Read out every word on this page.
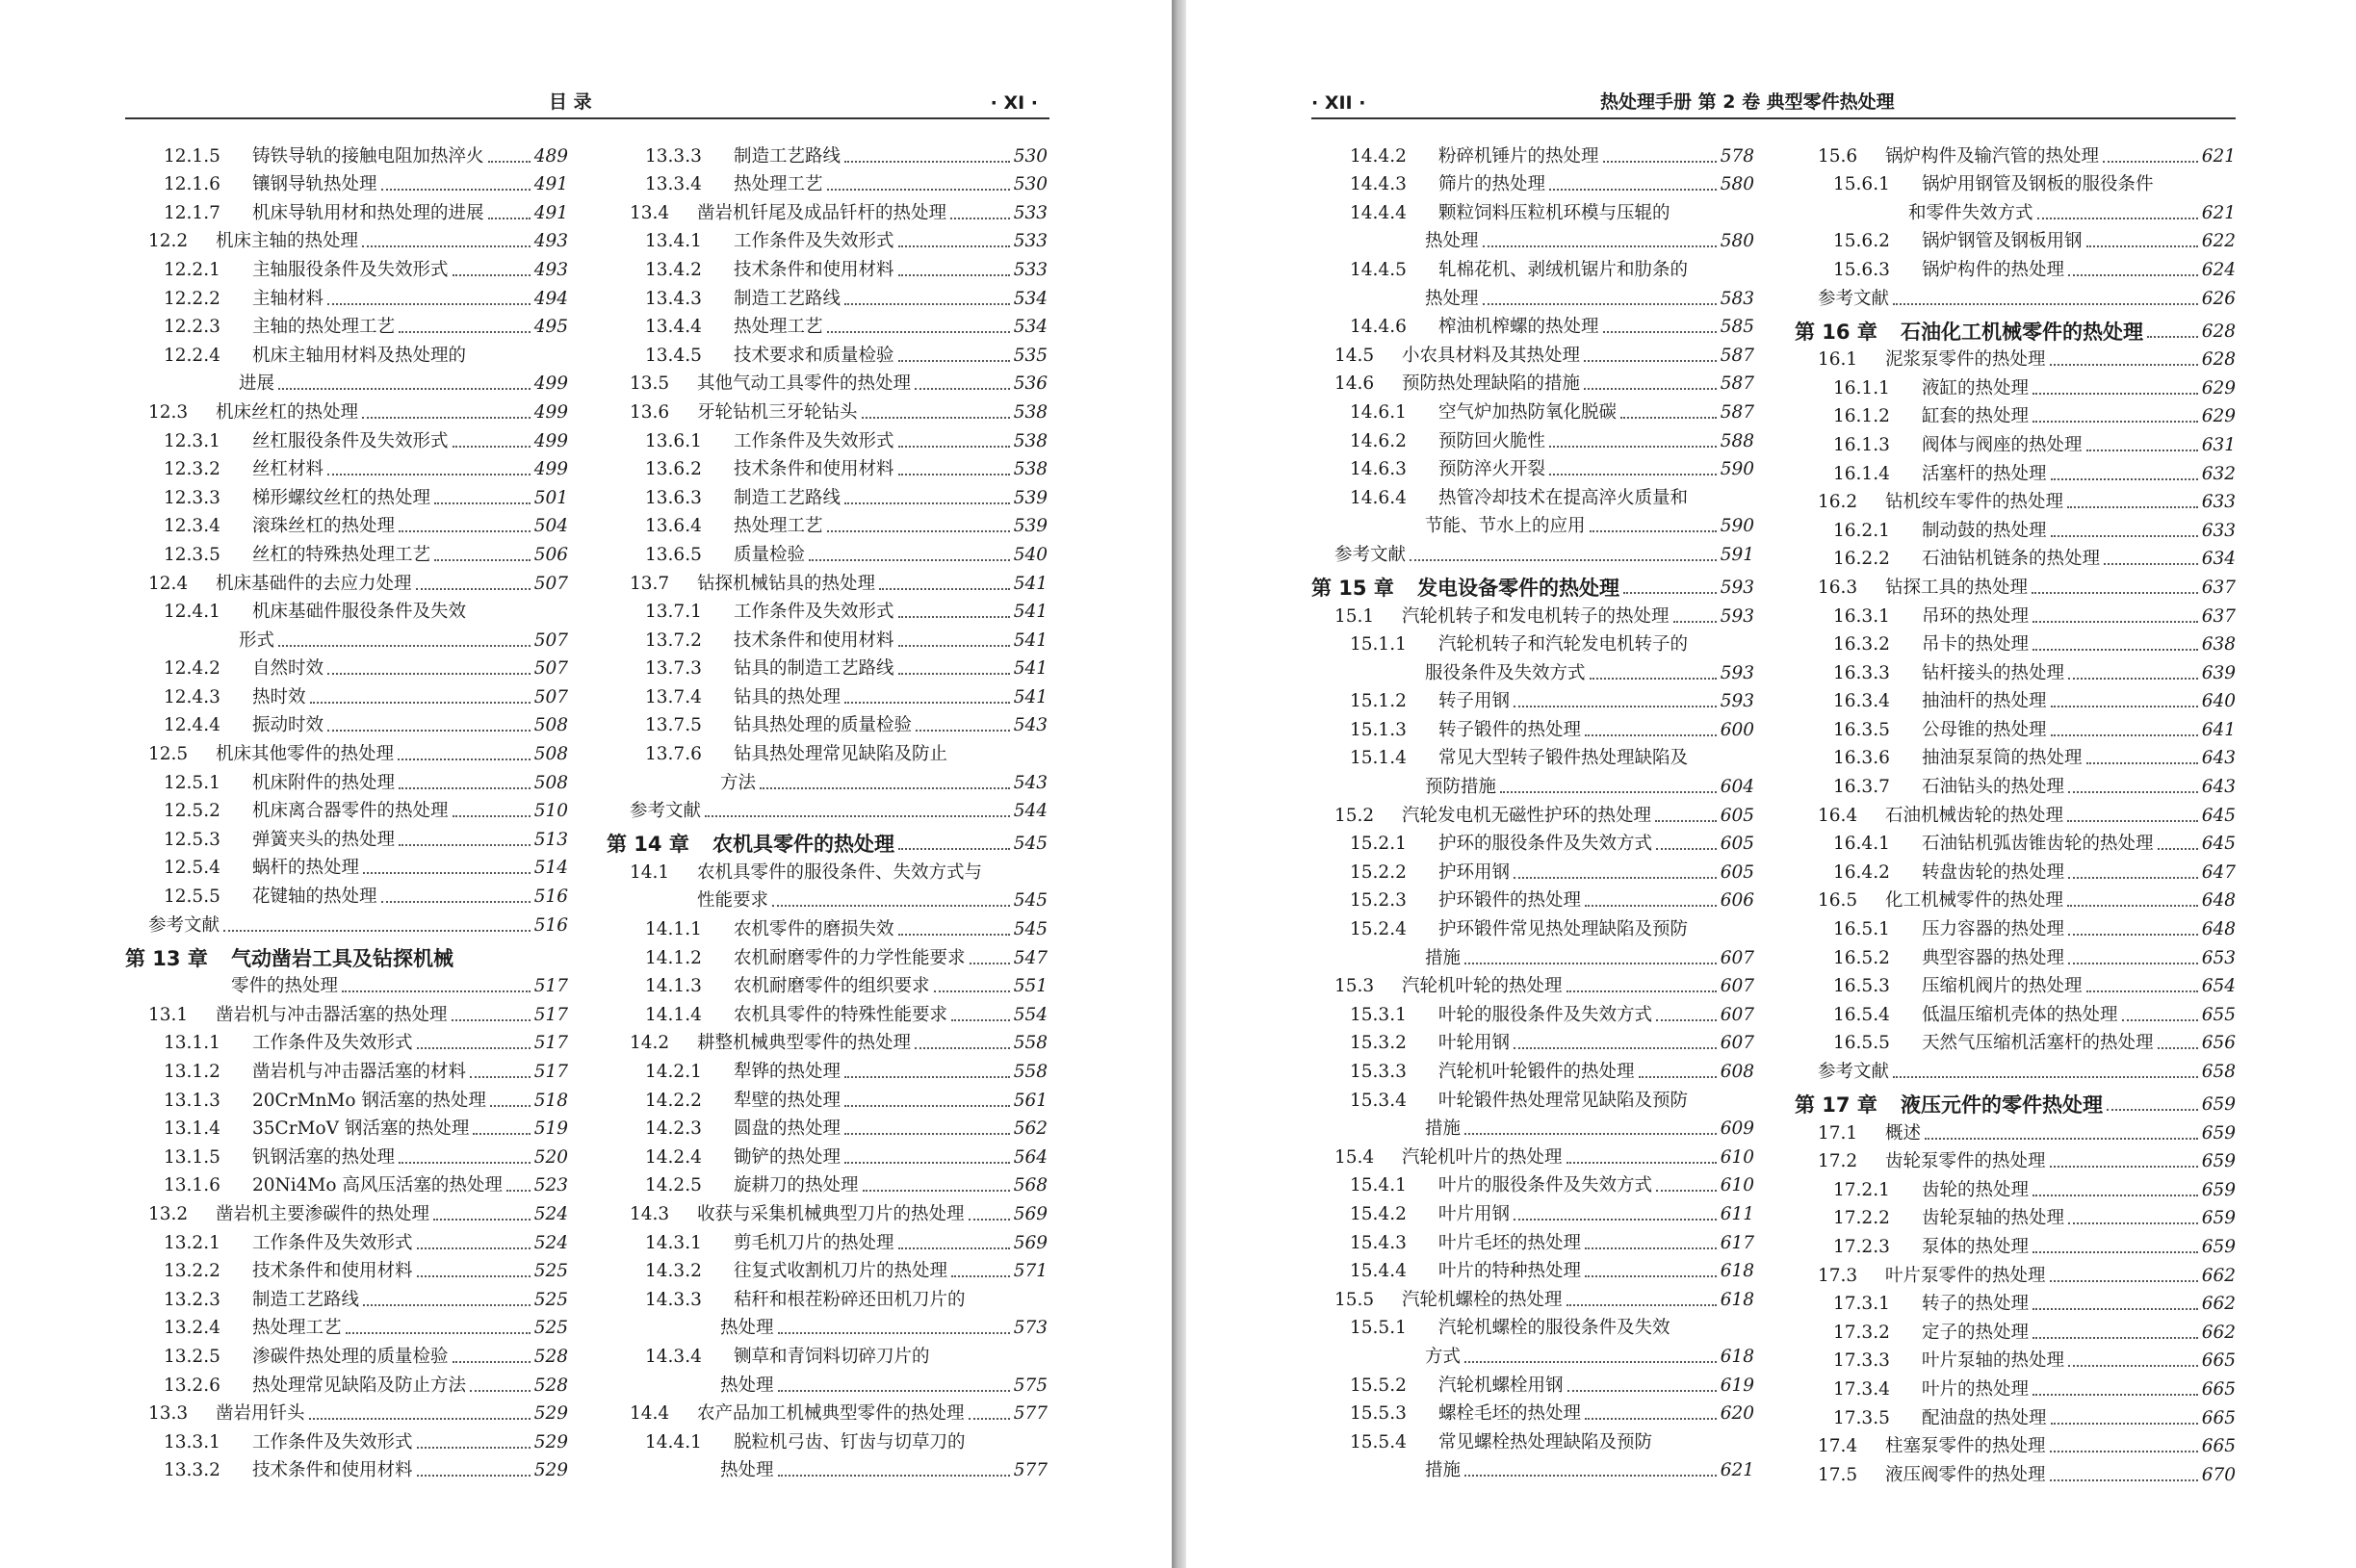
目 录	· XI ·
12.1.5	铸铁导轨的接触电阻加热淬火	489
12.1.6	镶钢导轨热处理	491
12.1.7	机床导轨用材和热处理的进展	491
12.2	机床主轴的热处理	493
12.2.1	主轴服役条件及失效形式	493
12.2.2	主轴材料	494
12.2.3	主轴的热处理工艺	495
12.2.4	机床主轴用材料及热处理的
进展	499
12.3	机床丝杠的热处理	499
12.3.1	丝杠服役条件及失效形式	499
12.3.2	丝杠材料	499
12.3.3	梯形螺纹丝杠的热处理	501
12.3.4	滚珠丝杠的热处理	504
12.3.5	丝杠的特殊热处理工艺	506
12.4	机床基础件的去应力处理	507
12.4.1	机床基础件服役条件及失效
形式	507
12.4.2	自然时效	507
12.4.3	热时效	507
12.4.4	振动时效	508
12.5	机床其他零件的热处理	508
12.5.1	机床附件的热处理	508
12.5.2	机床离合器零件的热处理	510
12.5.3	弹簧夹头的热处理	513
12.5.4	蜗杆的热处理	514
12.5.5	花键轴的热处理	516
参考文献	516
第 13 章	气动凿岩工具及钻探机械
零件的热处理	517
13.1	凿岩机与冲击器活塞的热处理	517
13.1.1	工作条件及失效形式	517
13.1.2	凿岩机与冲击器活塞的材料	517
13.1.3	20CrMnMo 钢活塞的热处理	518
13.1.4	35CrMoV 钢活塞的热处理	519
13.1.5	钒钢活塞的热处理	520
13.1.6	20Ni4Mo 高风压活塞的热处理 523
13.2	凿岩机主要渗碳件的热处理	524
13.2.1	工作条件及失效形式	524
13.2.2	技术条件和使用材料	525
13.2.3	制造工艺路线	525
13.2.4	热处理工艺	525
13.2.5	渗碳件热处理的质量检验	528
13.2.6	热处理常见缺陷及防止方法	528
13.3	凿岩用钎头	529
13.3.1	工作条件及失效形式	529
13.3.2	技术条件和使用材料	529
13.3.3	制造工艺路线	530
13.3.4	热处理工艺	530
13.4	凿岩机钎尾及成品钎杆的热处理	533
13.4.1	工作条件及失效形式	533
13.4.2	技术条件和使用材料	533
13.4.3	制造工艺路线	534
13.4.4	热处理工艺	534
13.4.5	技术要求和质量检验	535
13.5	其他气动工具零件的热处理	536
13.6	牙轮钻机三牙轮钻头	538
13.6.1	工作条件及失效形式	538
13.6.2	技术条件和使用材料	538
13.6.3	制造工艺路线	539
13.6.4	热处理工艺	539
13.6.5	质量检验	540
13.7	钻探机械钻具的热处理	541
13.7.1	工作条件及失效形式	541
13.7.2	技术条件和使用材料	541
13.7.3	钻具的制造工艺路线	541
13.7.4	钻具的热处理	541
13.7.5	钻具热处理的质量检验	543
13.7.6	钻具热处理常见缺陷及防止
方法	543
参考文献	544
第 14 章	农机具零件的热处理	545
14.1	农机具零件的服役条件、失效方式与
性能要求	545
14.1.1	农机零件的磨损失效	545
14.1.2	农机耐磨零件的力学性能要求	547
14.1.3	农机耐磨零件的组织要求	551
14.1.4	农机具零件的特殊性能要求	554
14.2	耕整机械典型零件的热处理	558
14.2.1	犁铧的热处理	558
14.2.2	犁壁的热处理	561
14.2.3	圆盘的热处理	562
14.2.4	锄铲的热处理	564
14.2.5	旋耕刀的热处理	568
14.3	收获与采集机械典型刀片的热处理	569
14.3.1	剪毛机刀片的热处理	569
14.3.2	往复式收割机刀片的热处理	571
14.3.3	秸秆和根茬粉碎还田机刀片的
热处理	573
14.3.4	铡草和青饲料切碎刀片的
热处理	575
14.4	农产品加工机械典型零件的热处理	577
14.4.1	脱粒机弓齿、钉齿与切草刀的
热处理	577
· XII ·	热处理手册 第 2 卷 典型零件热处理
14.4.2	粉碎机锤片的热处理	578
14.4.3	筛片的热处理	580
14.4.4	颗粒饲料压粒机环模与压辊的
热处理	580
14.4.5	轧棉花机、剥绒机锯片和肋条的
热处理	583
14.4.6	榨油机榨螺的热处理	585
14.5	小农具材料及其热处理	587
14.6	预防热处理缺陷的措施	587
14.6.1	空气炉加热防氧化脱碳	587
14.6.2	预防回火脆性	588
14.6.3	预防淬火开裂	590
14.6.4	热管冷却技术在提高淬火质量和
节能、节水上的应用	590
参考文献	591
第 15 章	发电设备零件的热处理	593
15.1	汽轮机转子和发电机转子的热处理	593
15.1.1	汽轮机转子和汽轮发电机转子的
服役条件及失效方式	593
15.1.2	转子用钢	593
15.1.3	转子锻件的热处理	600
15.1.4	常见大型转子锻件热处理缺陷及
预防措施	604
15.2	汽轮发电机无磁性护环的热处理	605
15.2.1	护环的服役条件及失效方式	605
15.2.2	护环用钢	605
15.2.3	护环锻件的热处理	606
15.2.4	护环锻件常见热处理缺陷及预防
措施	607
15.3	汽轮机叶轮的热处理	607
15.3.1	叶轮的服役条件及失效方式	607
15.3.2	叶轮用钢	607
15.3.3	汽轮机叶轮锻件的热处理	608
15.3.4	叶轮锻件热处理常见缺陷及预防
措施	609
15.4	汽轮机叶片的热处理	610
15.4.1	叶片的服役条件及失效方式	610
15.4.2	叶片用钢	611
15.4.3	叶片毛坯的热处理	617
15.4.4	叶片的特种热处理	618
15.5	汽轮机螺栓的热处理	618
15.5.1	汽轮机螺栓的服役条件及失效
方式	618
15.5.2	汽轮机螺栓用钢	619
15.5.3	螺栓毛坯的热处理	620
15.5.4	常见螺栓热处理缺陷及预防
措施	621
15.6	锅炉构件及输汽管的热处理	621
15.6.1	锅炉用钢管及钢板的服役条件
和零件失效方式	621
15.6.2	锅炉钢管及钢板用钢	622
15.6.3	锅炉构件的热处理	624
参考文献	626
第 16 章	石油化工机械零件的热处理	628
16.1	泥浆泵零件的热处理	628
16.1.1	液缸的热处理	629
16.1.2	缸套的热处理	629
16.1.3	阀体与阀座的热处理	631
16.1.4	活塞杆的热处理	632
16.2	钻机绞车零件的热处理	633
16.2.1	制动鼓的热处理	633
16.2.2	石油钻机链条的热处理	634
16.3	钻探工具的热处理	637
16.3.1	吊环的热处理	637
16.3.2	吊卡的热处理	638
16.3.3	钻杆接头的热处理	639
16.3.4	抽油杆的热处理	640
16.3.5	公母锥的热处理	641
16.3.6	抽油泵泵筒的热处理	643
16.3.7	石油钻头的热处理	643
16.4	石油机械齿轮的热处理	645
16.4.1	石油钻机弧齿锥齿轮的热处理	645
16.4.2	转盘齿轮的热处理	647
16.5	化工机械零件的热处理	648
16.5.1	压力容器的热处理	648
16.5.2	典型容器的热处理	653
16.5.3	压缩机阀片的热处理	654
16.5.4	低温压缩机壳体的热处理	655
16.5.5	天然气压缩机活塞杆的热处理	656
参考文献	658
第 17 章	液压元件的零件热处理	659
17.1	概述	659
17.2	齿轮泵零件的热处理	659
17.2.1	齿轮的热处理	659
17.2.2	齿轮泵轴的热处理	659
17.2.3	泵体的热处理	659
17.3	叶片泵零件的热处理	662
17.3.1	转子的热处理	662
17.3.2	定子的热处理	662
17.3.3	叶片泵轴的热处理	665
17.3.4	叶片的热处理	665
17.3.5	配油盘的热处理	665
17.4	柱塞泵零件的热处理	665
17.5	液压阀零件的热处理	670
